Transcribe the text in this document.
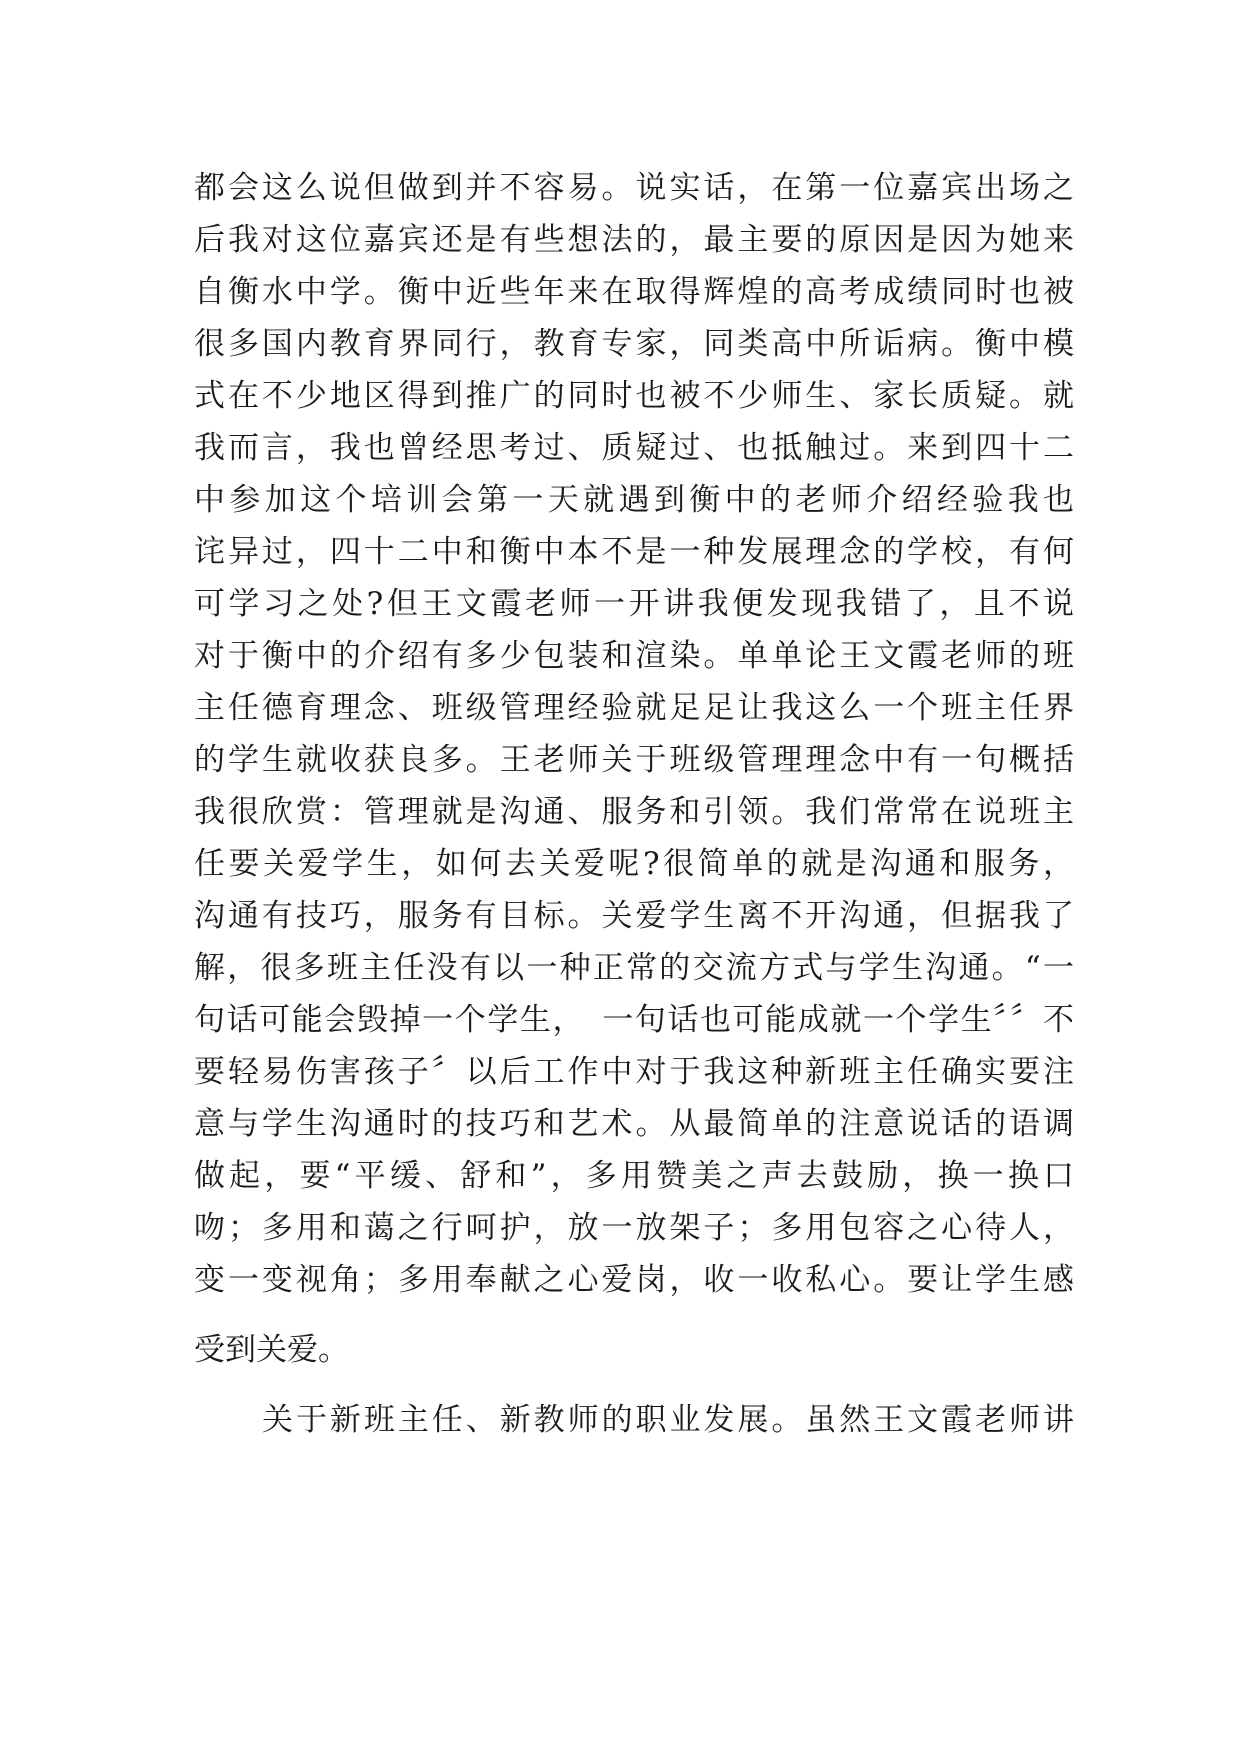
都会这么说但做到并不容易。说实话，在第一位嘉宾出场之
后我对这位嘉宾还是有些想法的，最主要的原因是因为她来
自衡水中学。衡中近些年来在取得辉煌的高考成绩同时也被
很多国内教育界同行，教育专家，同类高中所诟病。衡中模
式在不少地区得到推广的同时也被不少师生、家长质疑。就
我而言，我也曾经思考过、质疑过、也抵触过。来到四十二
中参加这个培训会第一天就遇到衡中的老师介绍经验我也
诧异过，四十二中和衡中本不是一种发展理念的学校，有何
可学习之处?但王文霞老师一开讲我便发现我错了，且不说
对于衡中的介绍有多少包装和渲染。单单论王文霞老师的班
主任德育理念、班级管理经验就足足让我这么一个班主任界
的学生就收获良多。王老师关于班级管理理念中有一句概括
我很欣赏：管理就是沟通、服务和引领。我们常常在说班主
任要关爱学生，如何去关爱呢?很简单的就是沟通和服务，
沟通有技巧，服务有目标。关爱学生离不开沟通，但据我了
解，很多班主任没有以一种正常的交流方式与学生沟通。“一
句话可能会毁掉一个学生，　一句话也可能成就一个学生〞〞不
要轻易伤害孩子〞以后工作中对于我这种新班主任确实要注
意与学生沟通时的技巧和艺术。从最简单的注意说话的语调
做起，要“平缓、舒和”，多用赞美之声去鼓励，换一换口
吻；多用和蔼之行呵护，放一放架子；多用包容之心待人，
变一变视角；多用奉献之心爱岗，收一收私心。要让学生感
受到关爱。
关于新班主任、新教师的职业发展。虽然王文霞老师讲
